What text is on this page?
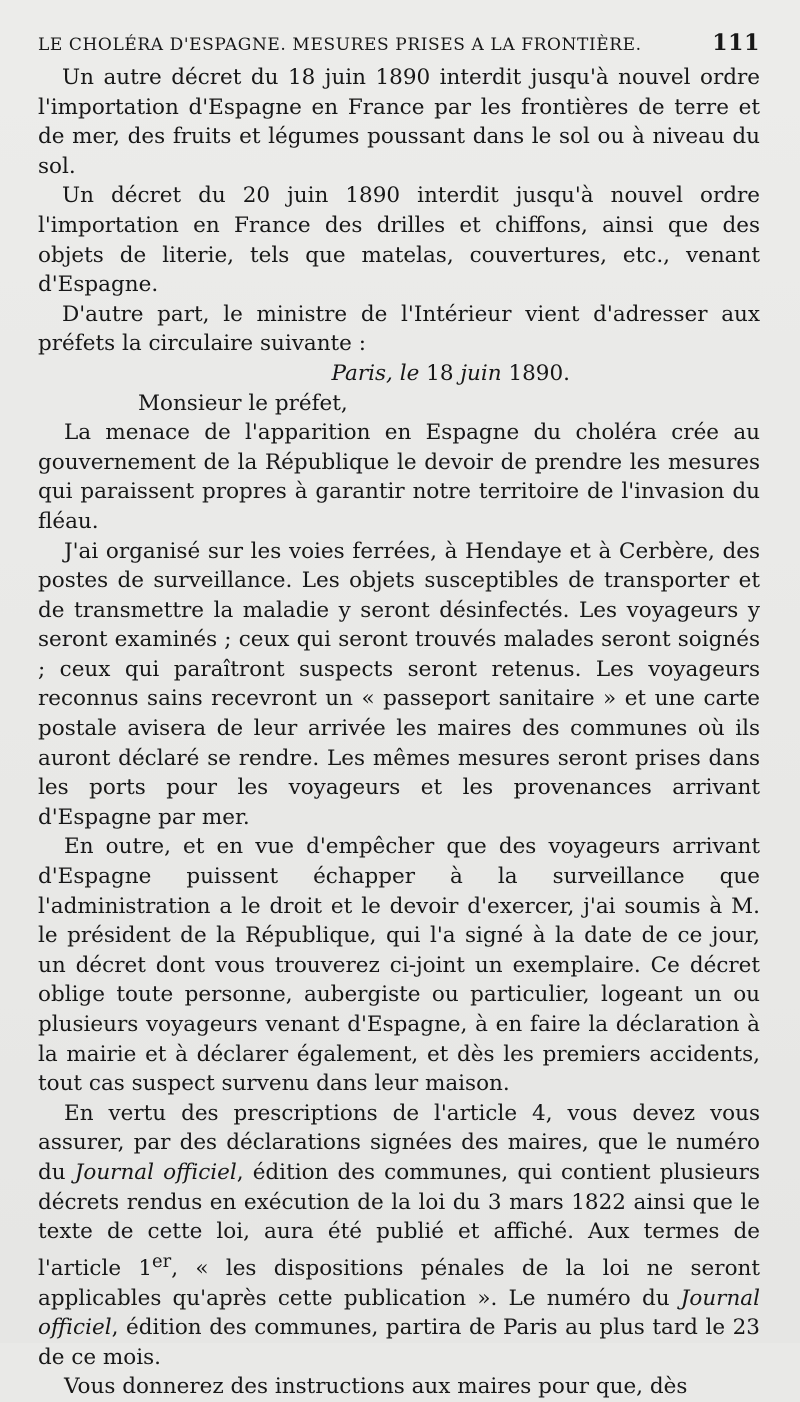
LE CHOLÉRA D'ESPAGNE. MESURES PRISES A LA FRONTIÈRE.	111

Un autre décret du 18 juin 1890 interdit jusqu'à nouvel ordre l'importation d'Espagne en France par les frontières de terre et de mer, des fruits et légumes poussant dans le sol ou à niveau du sol.

Un décret du 20 juin 1890 interdit jusqu'à nouvel ordre l'importation en France des drilles et chiffons, ainsi que des objets de literie, tels que matelas, couvertures, etc., venant d'Espagne.

D'autre part, le ministre de l'Intérieur vient d'adresser aux préfets la circulaire suivante :

Paris, le 18 juin 1890.

Monsieur le préfet,

La menace de l'apparition en Espagne du choléra crée au gouvernement de la République le devoir de prendre les mesures qui paraissent propres à garantir notre territoire de l'invasion du fléau.

J'ai organisé sur les voies ferrées, à Hendaye et à Cerbère, des postes de surveillance. Les objets susceptibles de transporter et de transmettre la maladie y seront désinfectés. Les voyageurs y seront examinés ; ceux qui seront trouvés malades seront soignés ; ceux qui paraîtront suspects seront retenus. Les voyageurs reconnus sains recevront un « passeport sanitaire » et une carte postale avisera de leur arrivée les maires des communes où ils auront déclaré se rendre. Les mêmes mesures seront prises dans les ports pour les voyageurs et les provenances arrivant d'Espagne par mer.

En outre, et en vue d'empêcher que des voyageurs arrivant d'Espagne puissent échapper à la surveillance que l'administration a le droit et le devoir d'exercer, j'ai soumis à M. le président de la République, qui l'a signé à la date de ce jour, un décret dont vous trouverez ci-joint un exemplaire. Ce décret oblige toute personne, aubergiste ou particulier, logeant un ou plusieurs voyageurs venant d'Espagne, à en faire la déclaration à la mairie et à déclarer également, et dès les premiers accidents, tout cas suspect survenu dans leur maison.

En vertu des prescriptions de l'article 4, vous devez vous assurer, par des déclarations signées des maires, que le numéro du Journal officiel, édition des communes, qui contient plusieurs décrets rendus en exécution de la loi du 3 mars 1822 ainsi que le texte de cette loi, aura été publié et affiché. Aux termes de l'article 1er, « les dispositions pénales de la loi ne seront applicables qu'après cette publication ». Le numéro du Journal officiel, édition des communes, partira de Paris au plus tard le 23 de ce mois.

Vous donnerez des instructions aux maires pour que, dès
